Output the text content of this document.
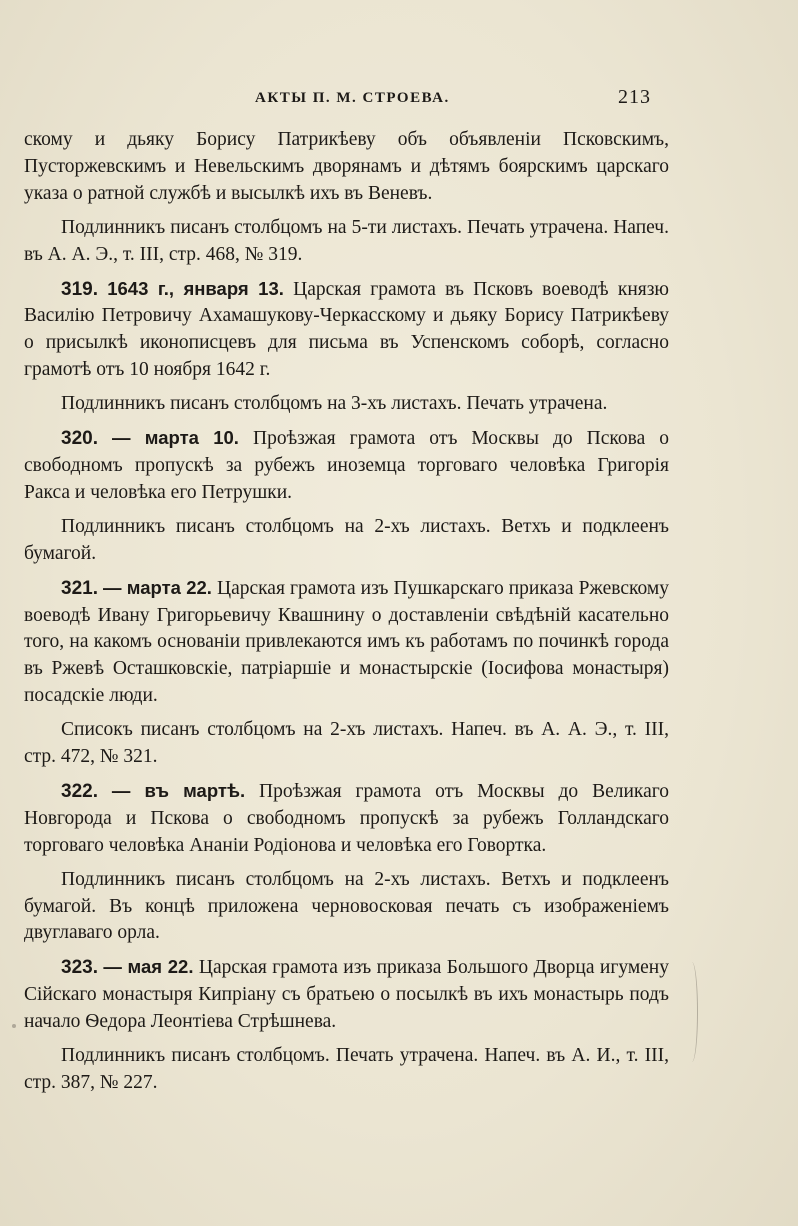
АКТЫ П. М. СТРОЕВА.	213

скому и дьяку Борису Патрикѣеву объ объявленіи Псковскимъ, Пусторжевскимъ и Невельскимъ дворянамъ и дѣтямъ боярскимъ царскаго указа о ратной службѣ и высылкѣ ихъ въ Веневъ.

Подлинникъ писанъ столбцомъ на 5-ти листахъ. Печать утрачена. Напеч. въ А. А. Э., т. III, стр. 468, № 319.

319. 1643 г., января 13. Царская грамота въ Псковъ воеводѣ князю Василію Петровичу Ахамашукову-Черкасскому и дьяку Борису Патрикѣеву о присылкѣ иконописцевъ для письма въ Успенскомъ соборѣ, согласно грамотѣ отъ 10 ноября 1642 г.

Подлинникъ писанъ столбцомъ на 3-хъ листахъ. Печать утрачена.

320. — марта 10. Проѣзжая грамота отъ Москвы до Пскова о свободномъ пропускѣ за рубежъ иноземца торговаго человѣка Григорія Ракса и человѣка его Петрушки.

Подлинникъ писанъ столбцомъ на 2-хъ листахъ. Ветхъ и подклеенъ бумагой.

321. — марта 22. Царская грамота изъ Пушкарскаго приказа Ржевскому воеводѣ Ивану Григорьевичу Квашнину о доставленіи свѣдѣній касательно того, на какомъ основаніи привлекаются имъ къ работамъ по починкѣ города въ Ржевѣ Осташковскіе, патріаршіе и монастырскіе (Іосифова монастыря) посадскіе люди.

Списокъ писанъ столбцомъ на 2-хъ листахъ. Напеч. въ А. А. Э., т. III, стр. 472, № 321.

322. — въ мартѣ. Проѣзжая грамота отъ Москвы до Великаго Новгорода и Пскова о свободномъ пропускѣ за рубежъ Голландскаго торговаго человѣка Ананіи Родіонова и человѣка его Говортка.

Подлинникъ писанъ столбцомъ на 2-хъ листахъ. Ветхъ и подклеенъ бумагой. Въ концѣ приложена черновосковая печать съ изображеніемъ двуглаваго орла.

323. — мая 22. Царская грамота изъ приказа Большого Дворца игумену Сійскаго монастыря Кипріану съ братьею о посылкѣ въ ихъ монастырь подъ начало Ѳедора Леонтіева Стрѣшнева.

Подлинникъ писанъ столбцомъ. Печать утрачена. Напеч. въ А. И., т. III, стр. 387, № 227.
